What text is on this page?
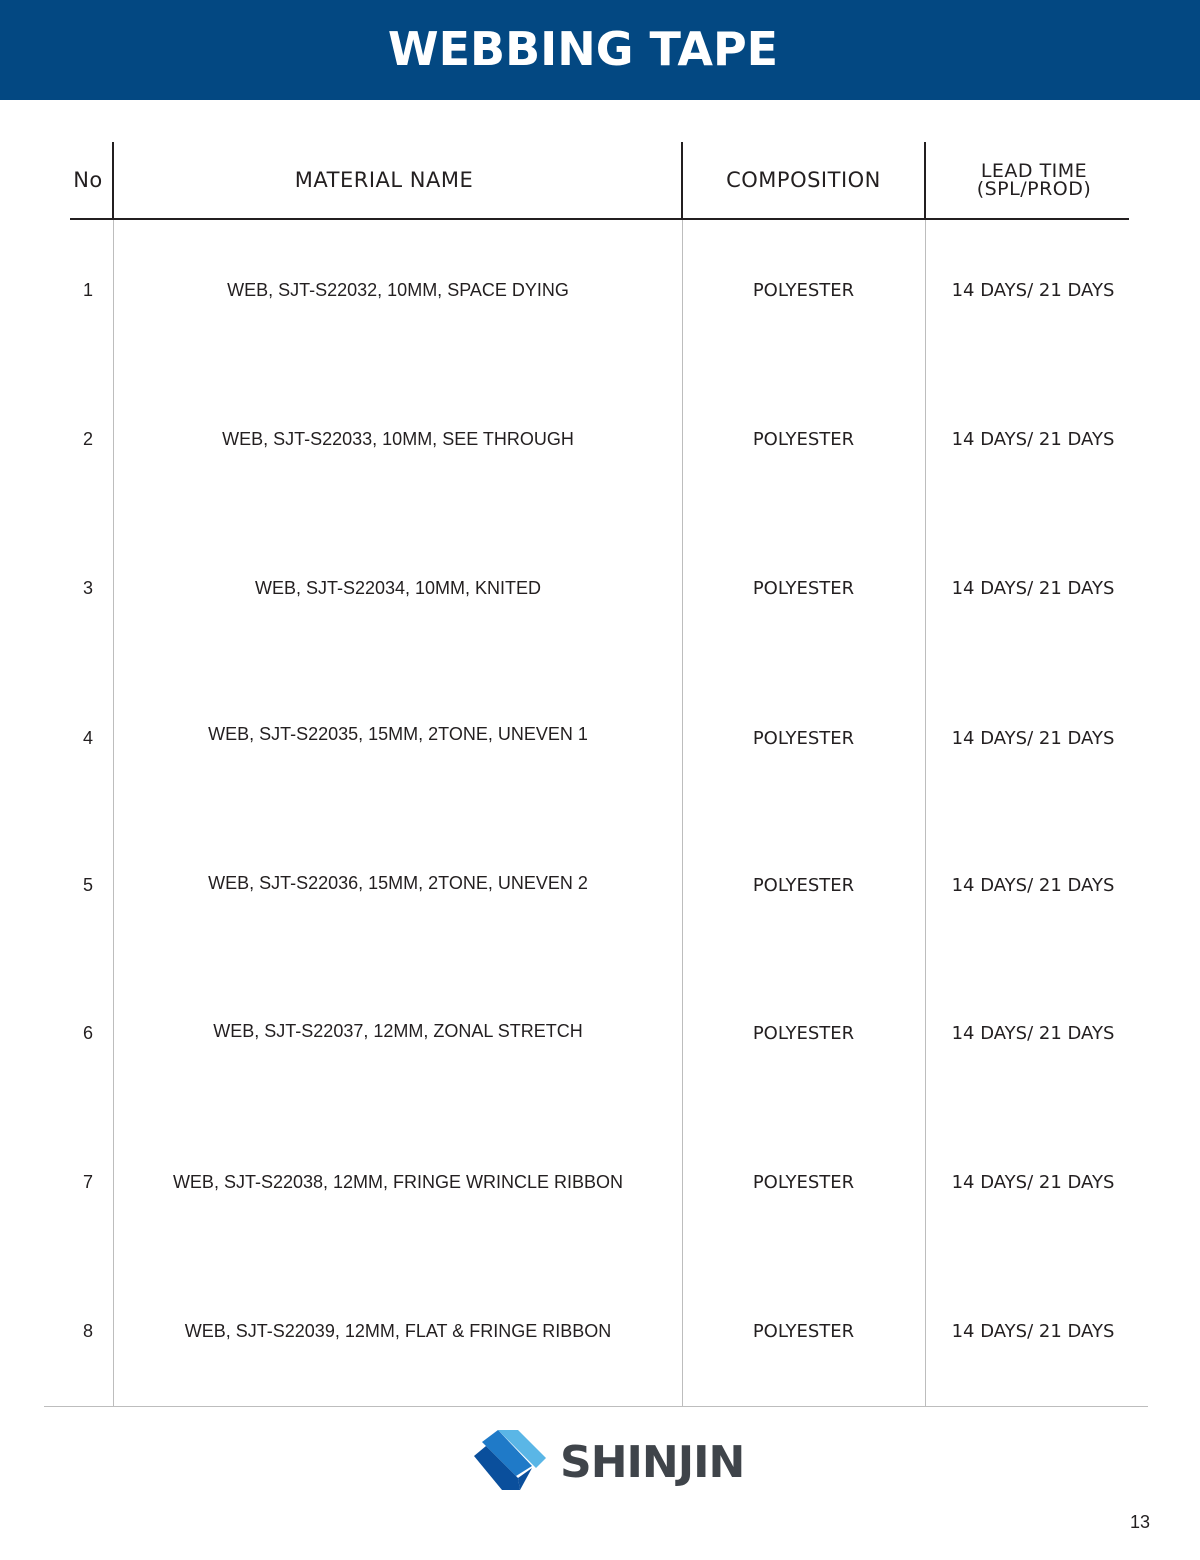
WEBBING TAPE
No	MATERIAL NAME	COMPOSITION	LEAD TIME
(SPL/PROD)
1	WEB, SJT-S22032, 10MM, SPACE DYING	POLYESTER	14 DAYS/ 21 DAYS
2	WEB, SJT-S22033, 10MM, SEE THROUGH	POLYESTER	14 DAYS/ 21 DAYS
3	WEB, SJT-S22034, 10MM, KNITED	POLYESTER	14 DAYS/ 21 DAYS
4	WEB, SJT-S22035, 15MM, 2TONE, UNEVEN 1	POLYESTER	14 DAYS/ 21 DAYS
5	WEB, SJT-S22036, 15MM, 2TONE, UNEVEN 2	POLYESTER	14 DAYS/ 21 DAYS
6	WEB, SJT-S22037, 12MM, ZONAL STRETCH	POLYESTER	14 DAYS/ 21 DAYS
7	WEB, SJT-S22038, 12MM, FRINGE WRINCLE RIBBON	POLYESTER	14 DAYS/ 21 DAYS
8	WEB, SJT-S22039, 12MM, FLAT & FRINGE RIBBON	POLYESTER	14 DAYS/ 21 DAYS
SHINJIN
13
